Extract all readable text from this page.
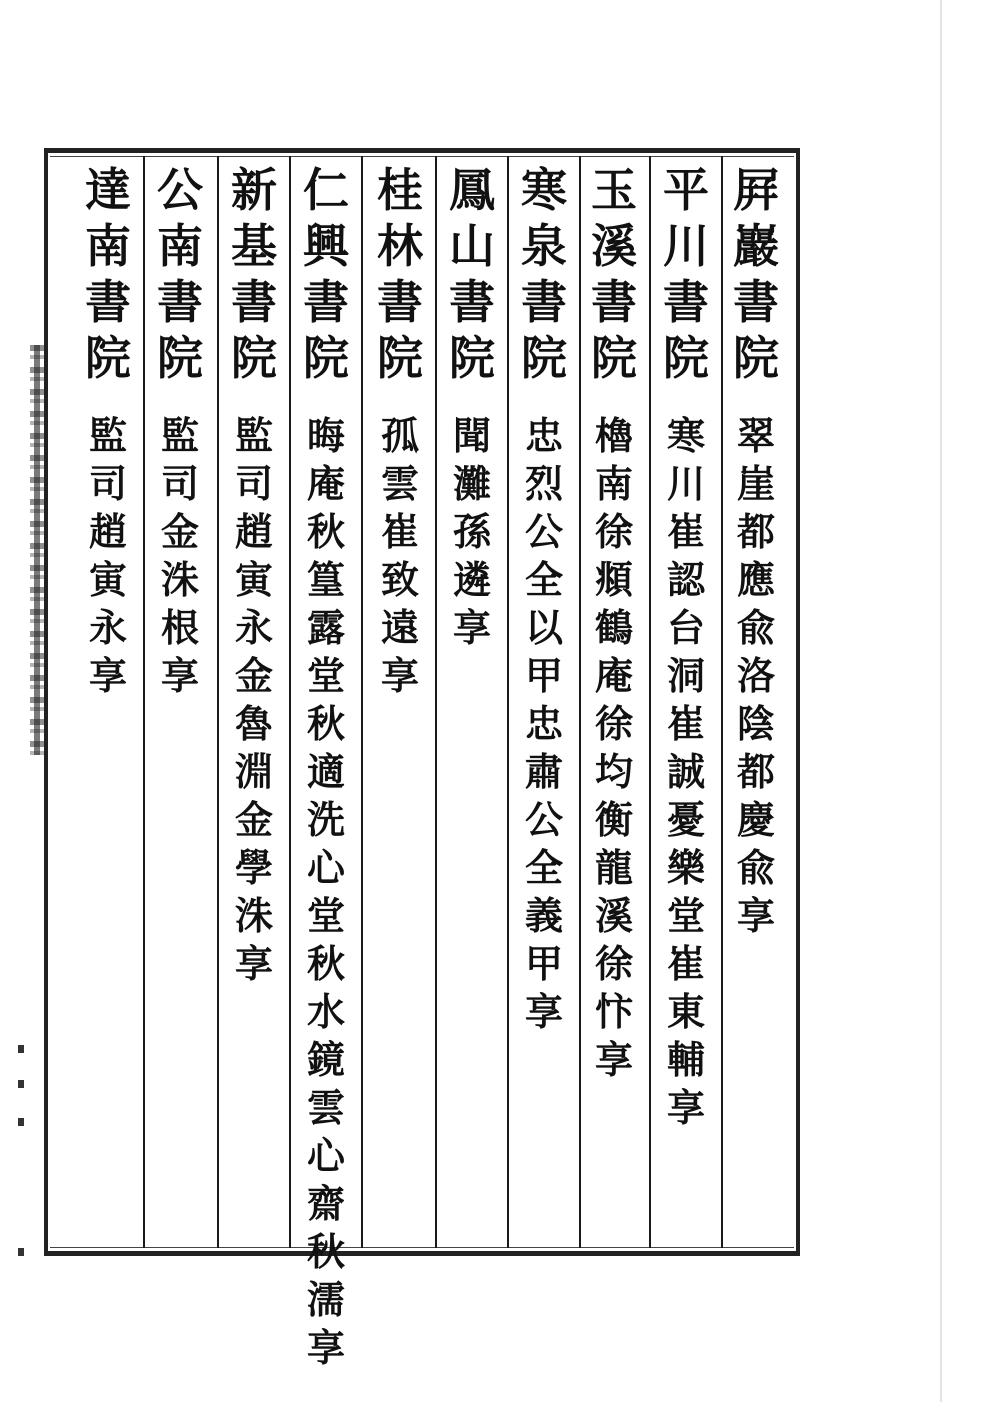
屛
巖
書
院
翠
崖
都
應
兪
洛
陰
都
慶
兪
享
平
川
書
院
寒
川
崔
認
台
洞
崔
誠
憂
樂
堂
崔
東
輔
享
玉
溪
書
院
櫓
南
徐
頫
鶴
庵
徐
均
衡
龍
溪
徐
忭
享
寒
泉
書
院
忠
烈
公
全
以
甲
忠
肅
公
全
義
甲
享
鳳
山
書
院
聞
灘
孫
遴
享
桂
林
書
院
孤
雲
崔
致
遠
享
仁
興
書
院
晦
庵
秋
篁
露
堂
秋
適
洗
心
堂
秋
水
鏡
雲
心
齋
秋
濡
享
新
基
書
院
監
司
趙
寅
永
金
魯
淵
金
學
洙
享
公
南
書
院
監
司
金
洙
根
享
達
南
書
院
監
司
趙
寅
永
享
